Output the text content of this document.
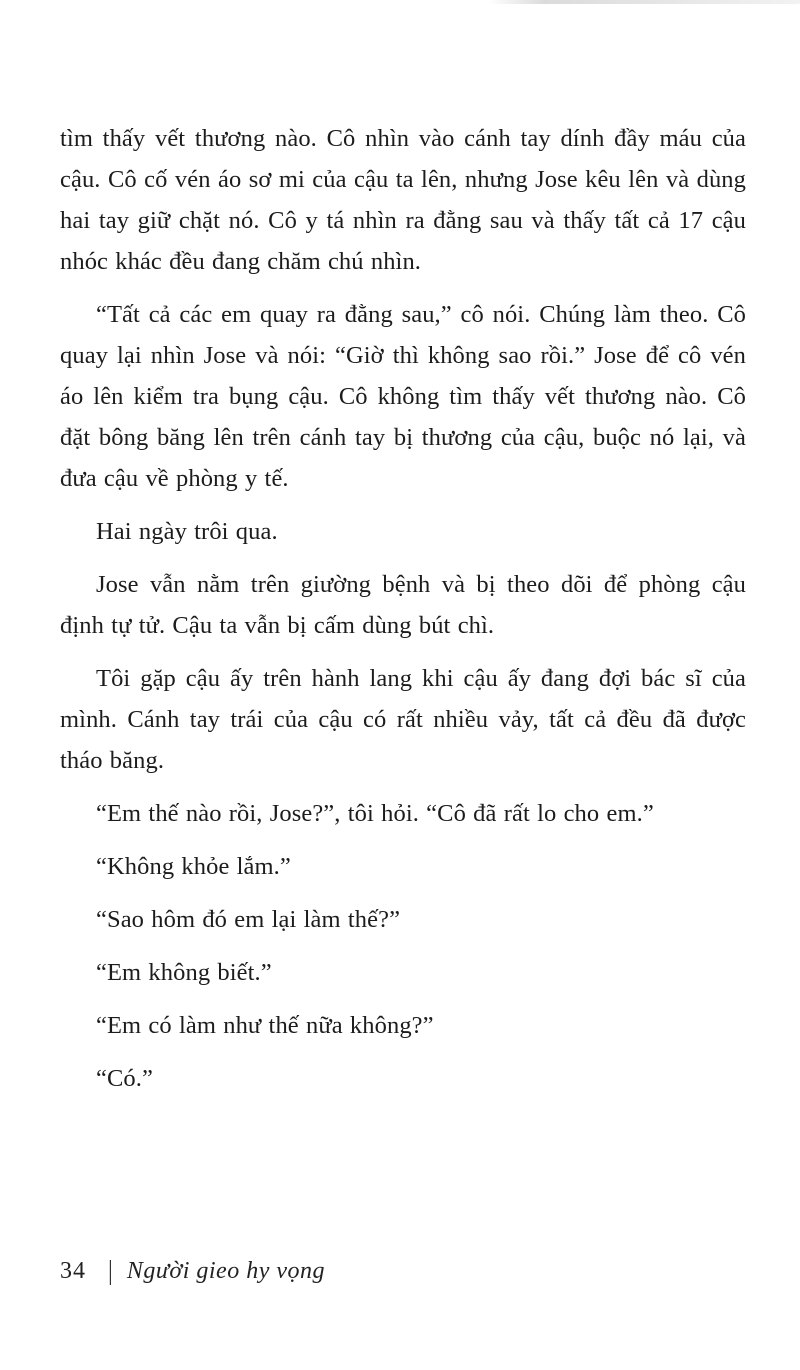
tìm thấy vết thương nào. Cô nhìn vào cánh tay dính đầy máu của cậu. Cô cố vén áo sơ mi của cậu ta lên, nhưng Jose kêu lên và dùng hai tay giữ chặt nó. Cô y tá nhìn ra đằng sau và thấy tất cả 17 cậu nhóc khác đều đang chăm chú nhìn.

“Tất cả các em quay ra đằng sau,” cô nói. Chúng làm theo. Cô quay lại nhìn Jose và nói: “Giờ thì không sao rồi.” Jose để cô vén áo lên kiểm tra bụng cậu. Cô không tìm thấy vết thương nào. Cô đặt bông băng lên trên cánh tay bị thương của cậu, buộc nó lại, và đưa cậu về phòng y tế.

Hai ngày trôi qua.

Jose vẫn nằm trên giường bệnh và bị theo dõi để phòng cậu định tự tử. Cậu ta vẫn bị cấm dùng bút chì.

Tôi gặp cậu ấy trên hành lang khi cậu ấy đang đợi bác sĩ của mình. Cánh tay trái của cậu có rất nhiều vảy, tất cả đều đã được tháo băng.

“Em thế nào rồi, Jose?”, tôi hỏi. “Cô đã rất lo cho em.”

“Không khỏe lắm.”

“Sao hôm đó em lại làm thế?”

“Em không biết.”

“Em có làm như thế nữa không?”

“Có.”

34 | Người gieo hy vọng
